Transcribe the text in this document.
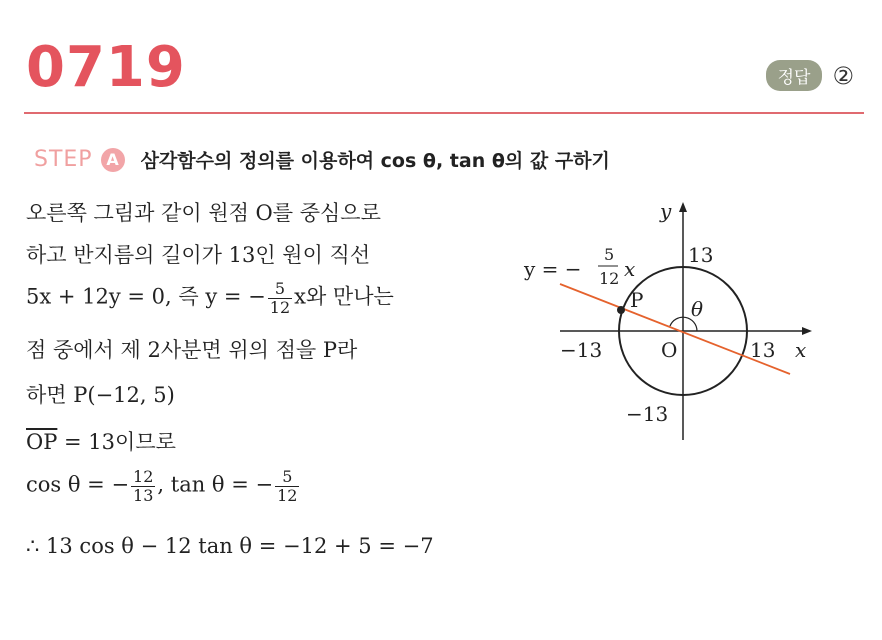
0719	정답 ②
STEP A	삼각함수의 정의를 이용하여 cos θ, tan θ의 값 구하기
오른쪽 그림과 같이 원점 O를 중심으로
하고 반지름의 길이가 13인 원이 직선
5x + 12y = 0, 즉 y = − $\frac{5}{12}$ x와 만나는
점 중에서 제 2사분면 위의 점을 P라
하면 P(−12, 5)
$\overline{OP} = 13$이므로
cos θ = − $\frac{12}{13}$ , tan θ = − $\frac{5}{12}$
∴ 13 cos θ − 12 tan θ = −12 + 5 = −7
y
x
O
P θ
13
13
−13
−13
y = −
5
12 x
